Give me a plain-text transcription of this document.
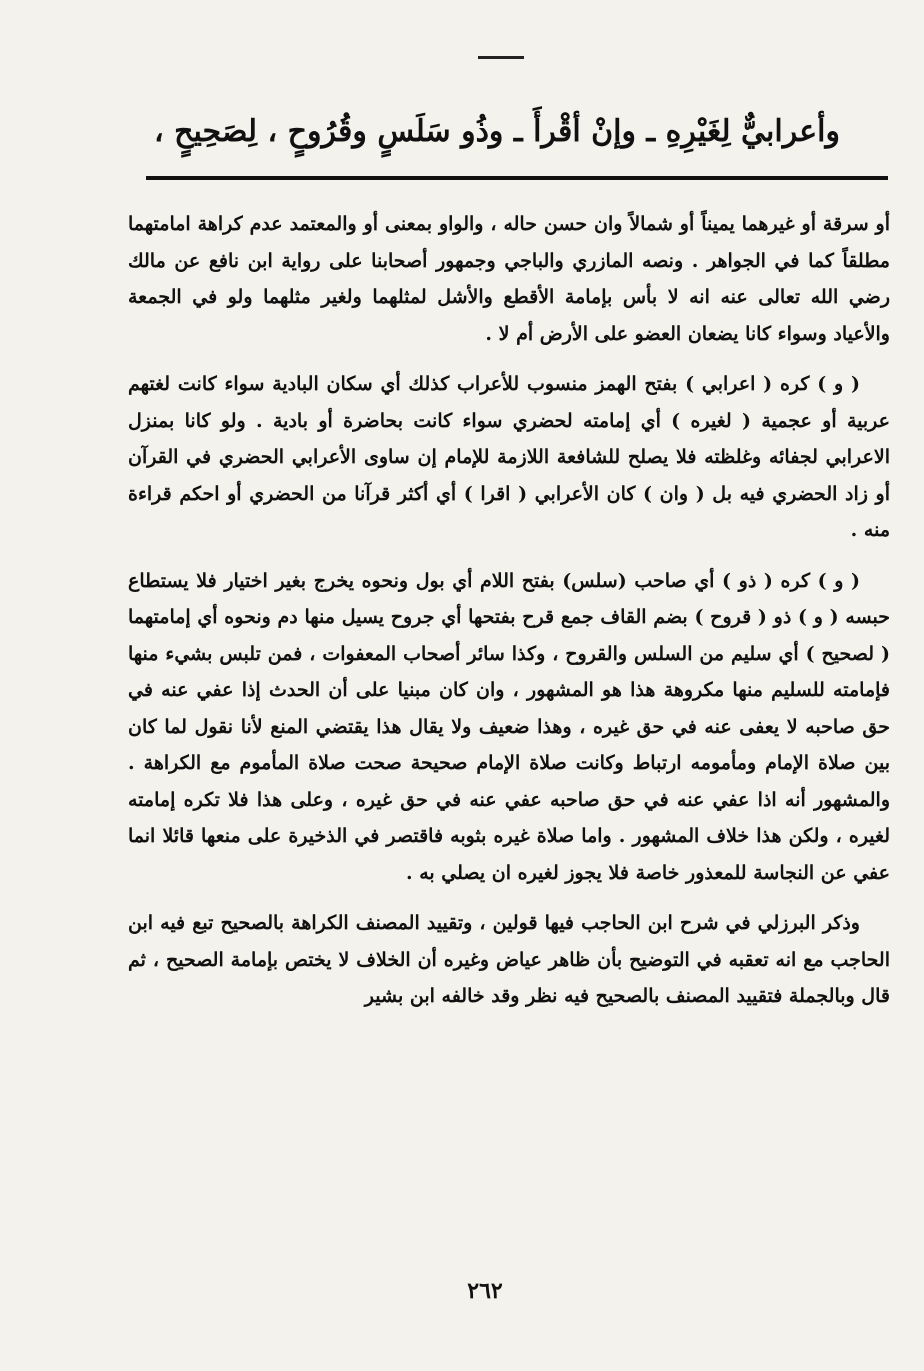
وأعرابيٌّ لِغَيْرِهِ ـ وإنْ أقْرأَ ـ وذُو سَلَسٍ وقُرُوحٍ ، لِصَحِيحٍ ،

أو سرقة أو غيرهما يميناً أو شمالاً وان حسن حاله ، والواو بمعنى أو والمعتمد عدم كراهة امامتهما مطلقاً كما في الجواهر . ونصه المازري والباجي وجمهور أصحابنا على رواية ابن نافع عن مالك رضي الله تعالى عنه انه لا بأس بإمامة الأقطع والأشل لمثلهما ولغير مثلهما ولو في الجمعة والأعياد وسواء كانا يضعان العضو على الأرض أم لا .

( و ) كره ( اعرابي ) بفتح الهمز منسوب للأعراب كذلك أي سكان البادية سواء كانت لغتهم عربية أو عجمية ( لغيره ) أي إمامته لحضري سواء كانت بحاضرة أو بادية . ولو كانا بمنزل الاعرابي لجفائه وغلظته فلا يصلح للشافعة اللازمة للإمام إن ساوى الأعرابي الحضري في القرآن أو زاد الحضري فيه بل ( وان ) كان الأعرابي ( اقرا ) أي أكثر قرآنا من الحضري أو احكم قراءة منه .

( و ) كره ( ذو ) أي صاحب (سلس) بفتح اللام أي بول ونحوه يخرج بغير اختيار فلا يستطاع حبسه ( و ) ذو ( قروح ) بضم القاف جمع قرح بفتحها أي جروح يسيل منها دم ونحوه أي إمامتهما ( لصحيح ) أي سليم من السلس والقروح ، وكذا سائر أصحاب المعفوات ، فمن تلبس بشيء منها فإمامته للسليم منها مكروهة هذا هو المشهور ، وان كان مبنيا على أن الحدث إذا عفي عنه في حق صاحبه لا يعفى عنه في حق غيره ، وهذا ضعيف ولا يقال هذا يقتضي المنع لأنا نقول لما كان بين صلاة الإمام ومأمومه ارتباط وكانت صلاة الإمام صحيحة صحت صلاة المأموم مع الكراهة . والمشهور أنه اذا عفي عنه في حق صاحبه عفي عنه في حق غيره ، وعلى هذا فلا تكره إمامته لغيره ، ولكن هذا خلاف المشهور . واما صلاة غيره بثوبه فاقتصر في الذخيرة على منعها قائلا انما عفي عن النجاسة للمعذور خاصة فلا يجوز لغيره ان يصلي به .

وذكر البرزلي في شرح ابن الحاجب فيها قولين ، وتقييد المصنف الكراهة بالصحيح تبع فيه ابن الحاجب مع انه تعقبه في التوضيح بأن ظاهر عياض وغيره أن الخلاف لا يختص بإمامة الصحيح ، ثم قال وبالجملة فتقييد المصنف بالصحيح فيه نظر وقد خالفه ابن بشير

٢٦٢
